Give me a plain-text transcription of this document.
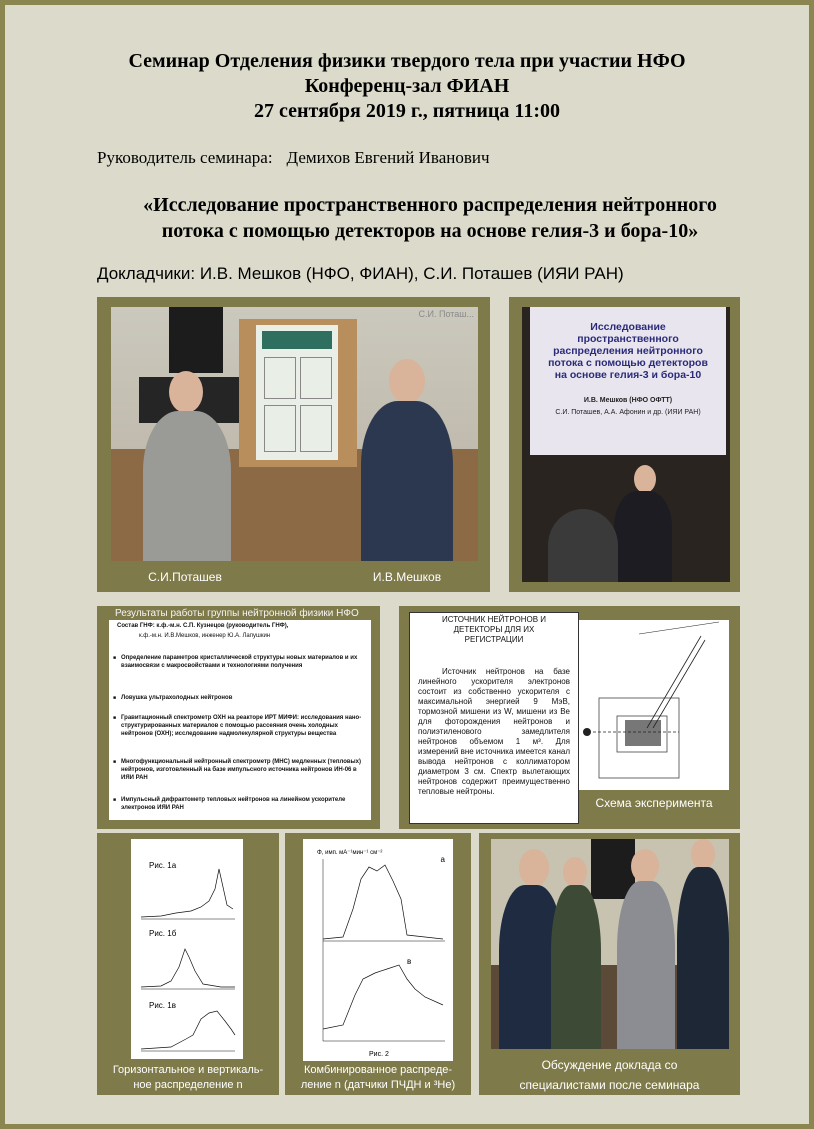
Семинар Отделения физики твердого тела при участии НФО
Конференц-зал ФИАН
27 сентября 2019 г., пятница 11:00
Руководитель семинара: Демихов Евгений Иванович
«Исследование пространственного распределения нейтронного
потока с помощью детекторов на основе гелия-3 и бора-10»
Докладчики: И.В. Мешков (НФО, ФИАН), С.И. Поташев (ИЯИ РАН)
С.И. Поташ...
С.И.Поташев	И.В.Мешков
Исследование
пространственного
распределения нейтронного
потока с помощью детекторов
на основе гелия-3 и бора-10
И.В. Мешков (НФО ОФТТ)
С.И. Поташев, А.А. Афонин и др. (ИЯИ РАН)
Результаты работы группы нейтронной физики НФО
Состав ГНФ: к.ф.-м.н. С.П. Кузнецов (руководитель ГНФ),
к.ф.-м.н. И.В.Мешков, инженер Ю.А. Лапушкин
■ Определение параметров кристаллической структуры новых материалов и их взаимосвязи с макросвойствами и технологиями получения
■ Ловушка ультрахолодных нейтронов
■ Гравитационный спектрометр ОХН на реакторе ИРТ МИФИ: исследования нано-структурированных материалов с помощью рассеяния очень холодных нейтронов (ОХН); исследование надмолекулярной структуры вещества
■ Многофункциональный нейтронный спектрометр (МНС) медленных (тепловых) нейтронов, изготовленный на базе импульсного источника нейтронов ИН-06 в ИЯИ РАН
■ Импульсный дифрактометр тепловых нейтронов на линейном ускорителе электронов ИЯИ РАН
ИСТОЧНИК НЕЙТРОНОВ И
ДЕТЕКТОРЫ ДЛЯ ИХ
РЕГИСТРАЦИИ
Источник нейтронов на базе линейного ускорителя электронов состоит из собственно ускорителя с максимальной энергией 9 МэВ, тормозной мишени из W, мишени из Be для фоторождения нейтронов и полиэтиленового замедлителя нейтронов объемом 1 м³. Для измерений вне источника имеется канал вывода нейтронов с коллиматором диаметром 3 см. Спектр вылетающих нейтронов содержит преимущественно тепловые нейтроны.
Схема эксперимента
Рис. 1а
Рис. 1б
Рис. 1в
Горизонтальное и вертикаль-
ное распределение n
Φ, имп. мА⁻¹мин⁻¹ см⁻²
а
в
Рис. 2
Комбинированное распреде-
ление n (датчики ПЧДН и ³Не)
Обсуждение доклада со
специалистами после семинара
